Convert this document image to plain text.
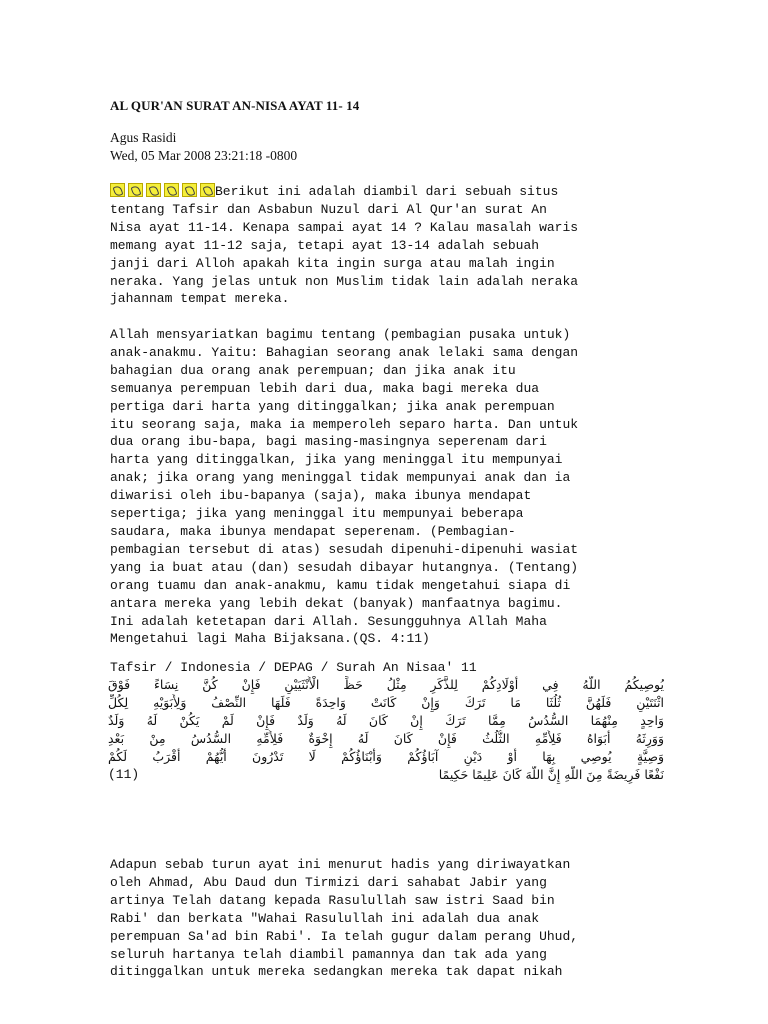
AL QUR'AN SURAT AN-NISA AYAT 11- 14
Agus Rasidi
Wed, 05 Mar 2008 23:21:18 -0800
Berikut ini adalah diambil dari sebuah situs
tentang Tafsir dan Asbabun Nuzul dari Al Qur'an surat An
Nisa ayat 11-14. Kenapa sampai ayat 14 ? Kalau masalah waris
memang ayat 11-12 saja, tetapi ayat 13-14 adalah sebuah
janji dari Alloh apakah kita ingin surga atau malah ingin
neraka. Yang jelas untuk non Muslim tidak lain adalah neraka
jahannam tempat mereka.
Allah mensyariatkan bagimu tentang (pembagian pusaka untuk)
anak-anakmu. Yaitu: Bahagian seorang anak lelaki sama dengan
bahagian dua orang anak perempuan; dan jika anak itu
semuanya perempuan lebih dari dua, maka bagi mereka dua
pertiga dari harta yang ditinggalkan; jika anak perempuan
itu seorang saja, maka ia memperoleh separo harta. Dan untuk
dua orang ibu-bapa, bagi masing-masingnya seperenam dari
harta yang ditinggalkan, jika yang meninggal itu mempunyai
anak; jika orang yang meninggal tidak mempunyai anak dan ia
diwarisi oleh ibu-bapanya (saja), maka ibunya mendapat
sepertiga; jika yang meninggal itu mempunyai beberapa
saudara, maka ibunya mendapat seperenam. (Pembagian-
pembagian tersebut di atas) sesudah dipenuhi-dipenuhi wasiat
yang ia buat atau (dan) sesudah dibayar hutangnya. (Tentang)
orang tuamu dan anak-anakmu, kamu tidak mengetahui siapa di
antara mereka yang lebih dekat (banyak) manfaatnya bagimu.
Ini adalah ketetapan dari Allah. Sesungguhnya Allah Maha
Mengetahui lagi Maha Bijaksana.(QS. 4:11)
Tafsir / Indonesia / DEPAG / Surah An Nisaa' 11
يُوصِيكُمُ اللَّهُ فِي أَوْلَادِكُمْ لِلذَّكَرِ مِثْلُ حَظِّ الْأُنْثَيَيْنِ فَإِنْ كُنَّ نِسَاءً فَوْقَ
اثْنَتَيْنِ فَلَهُنَّ ثُلُثَا مَا تَرَكَ وَإِنْ كَانَتْ وَاحِدَةً فَلَهَا النِّصْفُ وَلِأَبَوَيْهِ لِكُلِّ
وَاحِدٍ مِنْهُمَا السُّدُسُ مِمَّا تَرَكَ إِنْ كَانَ لَهُ وَلَدٌ فَإِنْ لَمْ يَكُنْ لَهُ وَلَدٌ
وَوَرِثَهُ أَبَوَاهُ فَلِأُمِّهِ الثُّلُثُ فَإِنْ كَانَ لَهُ إِخْوَةٌ فَلِأُمِّهِ السُّدُسُ مِنْ بَعْدِ
وَصِيَّةٍ يُوصِي بِهَا أَوْ دَيْنٍ آبَاؤُكُمْ وَأَبْنَاؤُكُمْ لَا تَدْرُونَ أَيُّهُمْ أَقْرَبُ لَكُمْ
(11)	نَفْعًا فَرِيضَةً مِنَ اللَّهِ إِنَّ اللَّهَ كَانَ عَلِيمًا حَكِيمًا
Adapun sebab turun ayat ini menurut hadis yang diriwayatkan
oleh Ahmad, Abu Daud dun Tirmizi dari sahabat Jabir yang
artinya Telah datang kepada Rasulullah saw istri Saad bin
Rabi' dan berkata "Wahai Rasulullah ini adalah dua anak
perempuan Sa'ad bin Rabi'. Ia telah gugur dalam perang Uhud,
seluruh hartanya telah diambil pamannya dan tak ada yang
ditinggalkan untuk mereka sedangkan mereka tak dapat nikah
